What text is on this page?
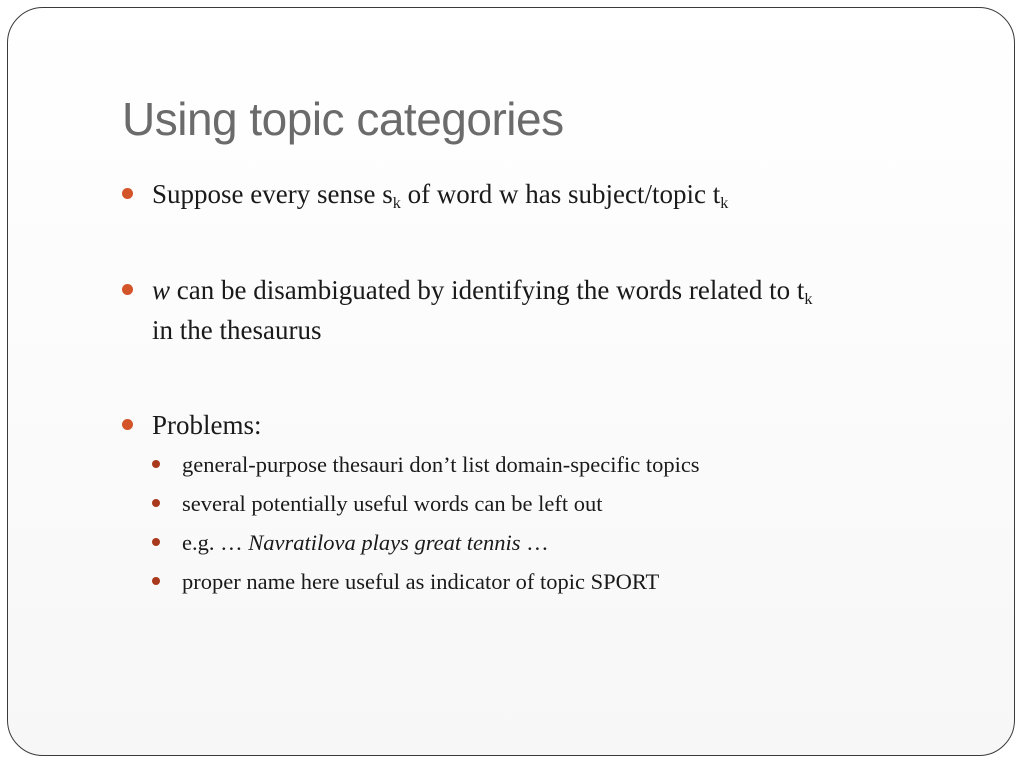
Using topic categories
Suppose every sense $s_k$ of word w has subject/topic $t_k$
w can be disambiguated by identifying the words related to $t_k$
in the thesaurus
Problems:
general-purpose thesauri don’t list domain-specific topics
several potentially useful words can be left out
e.g. … Navratilova plays great tennis …
proper name here useful as indicator of topic SPORT
